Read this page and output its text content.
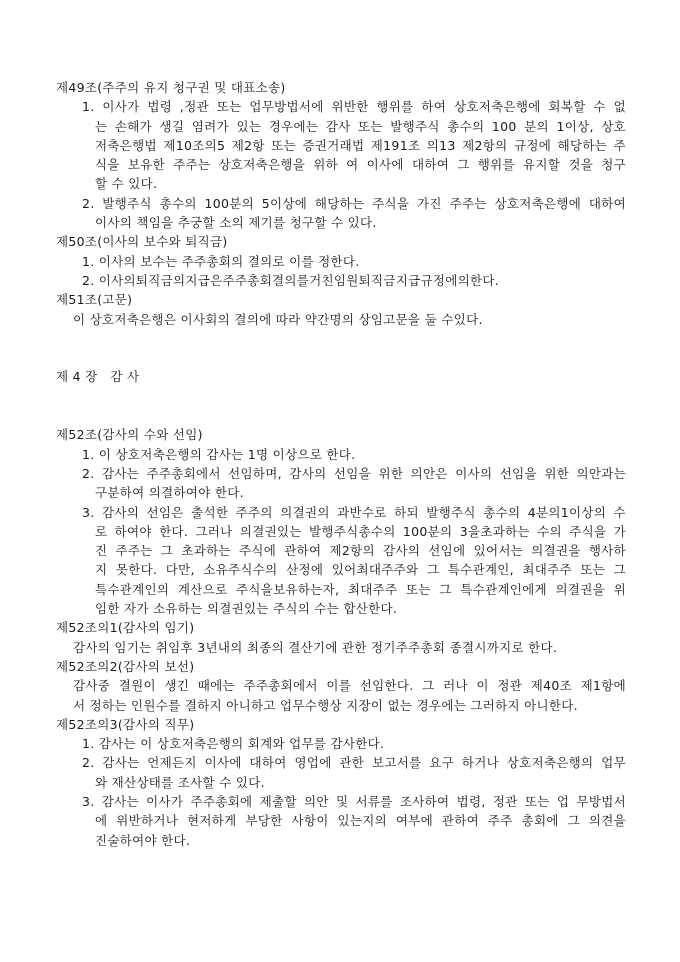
제49조(주주의 유지 청구권 및 대표소송)
1. 이사가 법령 ,정관 또는 업무방법서에 위반한 행위를 하여 상호저축은행에 회복할 수 없
는 손해가 생길 염려가 있는 경우에는 감사 또는 발행주식 총수의 100 분의 1이상, 상호
저축은행법 제10조의5 제2항 또는 증권거래법 제191조 의13 제2항의 규정에 해당하는 주
식을 보유한 주주는 상호저축은행을 위하 여 이사에 대하여 그 행위를 유지할 것을 청구
할 수 있다.
2. 발행주식 총수의 100분의 5이상에 해당하는 주식을 가진 주주는 상호저축은행에 대하여
이사의 책임을 추궁할 소의 제기를 청구할 수 있다.
제50조(이사의 보수와 퇴직금)
1. 이사의 보수는 주주총회의 결의로 이를 정한다.
2. 이사의퇴직금의지급은주주총회결의를거친임원퇴직금지급규정에의한다.
제51조(고문)
이 상호저축은행은 이사회의 결의에 따라 약간명의 상임고문을 둘 수있다.
제 4 장   감 사
제52조(감사의 수와 선임)
1. 이 상호저축은행의 감사는 1명 이상으로 한다.
2. 감사는 주주총회에서 선임하며, 감사의 선임을 위한 의안은 이사의 선임을 위한 의안과는
구분하여 의결하여야 한다.
3. 감사의 선임은 출석한 주주의 의결권의 과반수로 하되 발행주식 총수의 4분의1이상의 수
로 하여야 한다. 그러나 의결권있는 발행주식총수의 100분의 3을초과하는 수의 주식을 가
진 주주는 그 초과하는 주식에 관하여 제2항의 감사의 선임에 있어서는 의결권을 행사하
지 못한다. 다만, 소유주식수의 산정에 있어최대주주와 그 특수관계인, 최대주주 또는 그
특수관계인의 계산으로 주식을보유하는자, 최대주주 또는 그 특수관계인에게 의결권을 위
임한 자가 소유하는 의결권있는 주식의 수는 합산한다.
제52조의1(감사의 임기)
감사의 임기는 취임후 3년내의 최종의 결산기에 관한 정기주주총회 종결시까지로 한다.
제52조의2(감사의 보선)
감사중 결원이 생긴 때에는 주주총회에서 이를 선임한다. 그 러나 이 정관 제40조 제1항에
서 정하는 인원수를 결하지 아니하고 업무수행상 지장이 없는 경우에는 그러하지 아니한다.
제52조의3(감사의 직무)
1. 감사는 이 상호저축은행의 회계와 업무를 감사한다.
2. 감사는 언제든지 이사에 대하여 영업에 관한 보고서를 요구 하거나 상호저축은행의 업무
와 재산상태를 조사할 수 있다.
3. 감사는 이사가 주주총회에 제출할 의안 및 서류를 조사하여 법령, 정관 또는 업 무방법서
에 위반하거나 현저하게 부당한 사항이 있는지의 여부에 관하여 주주 총회에 그 의견을
진술하여야 한다.
